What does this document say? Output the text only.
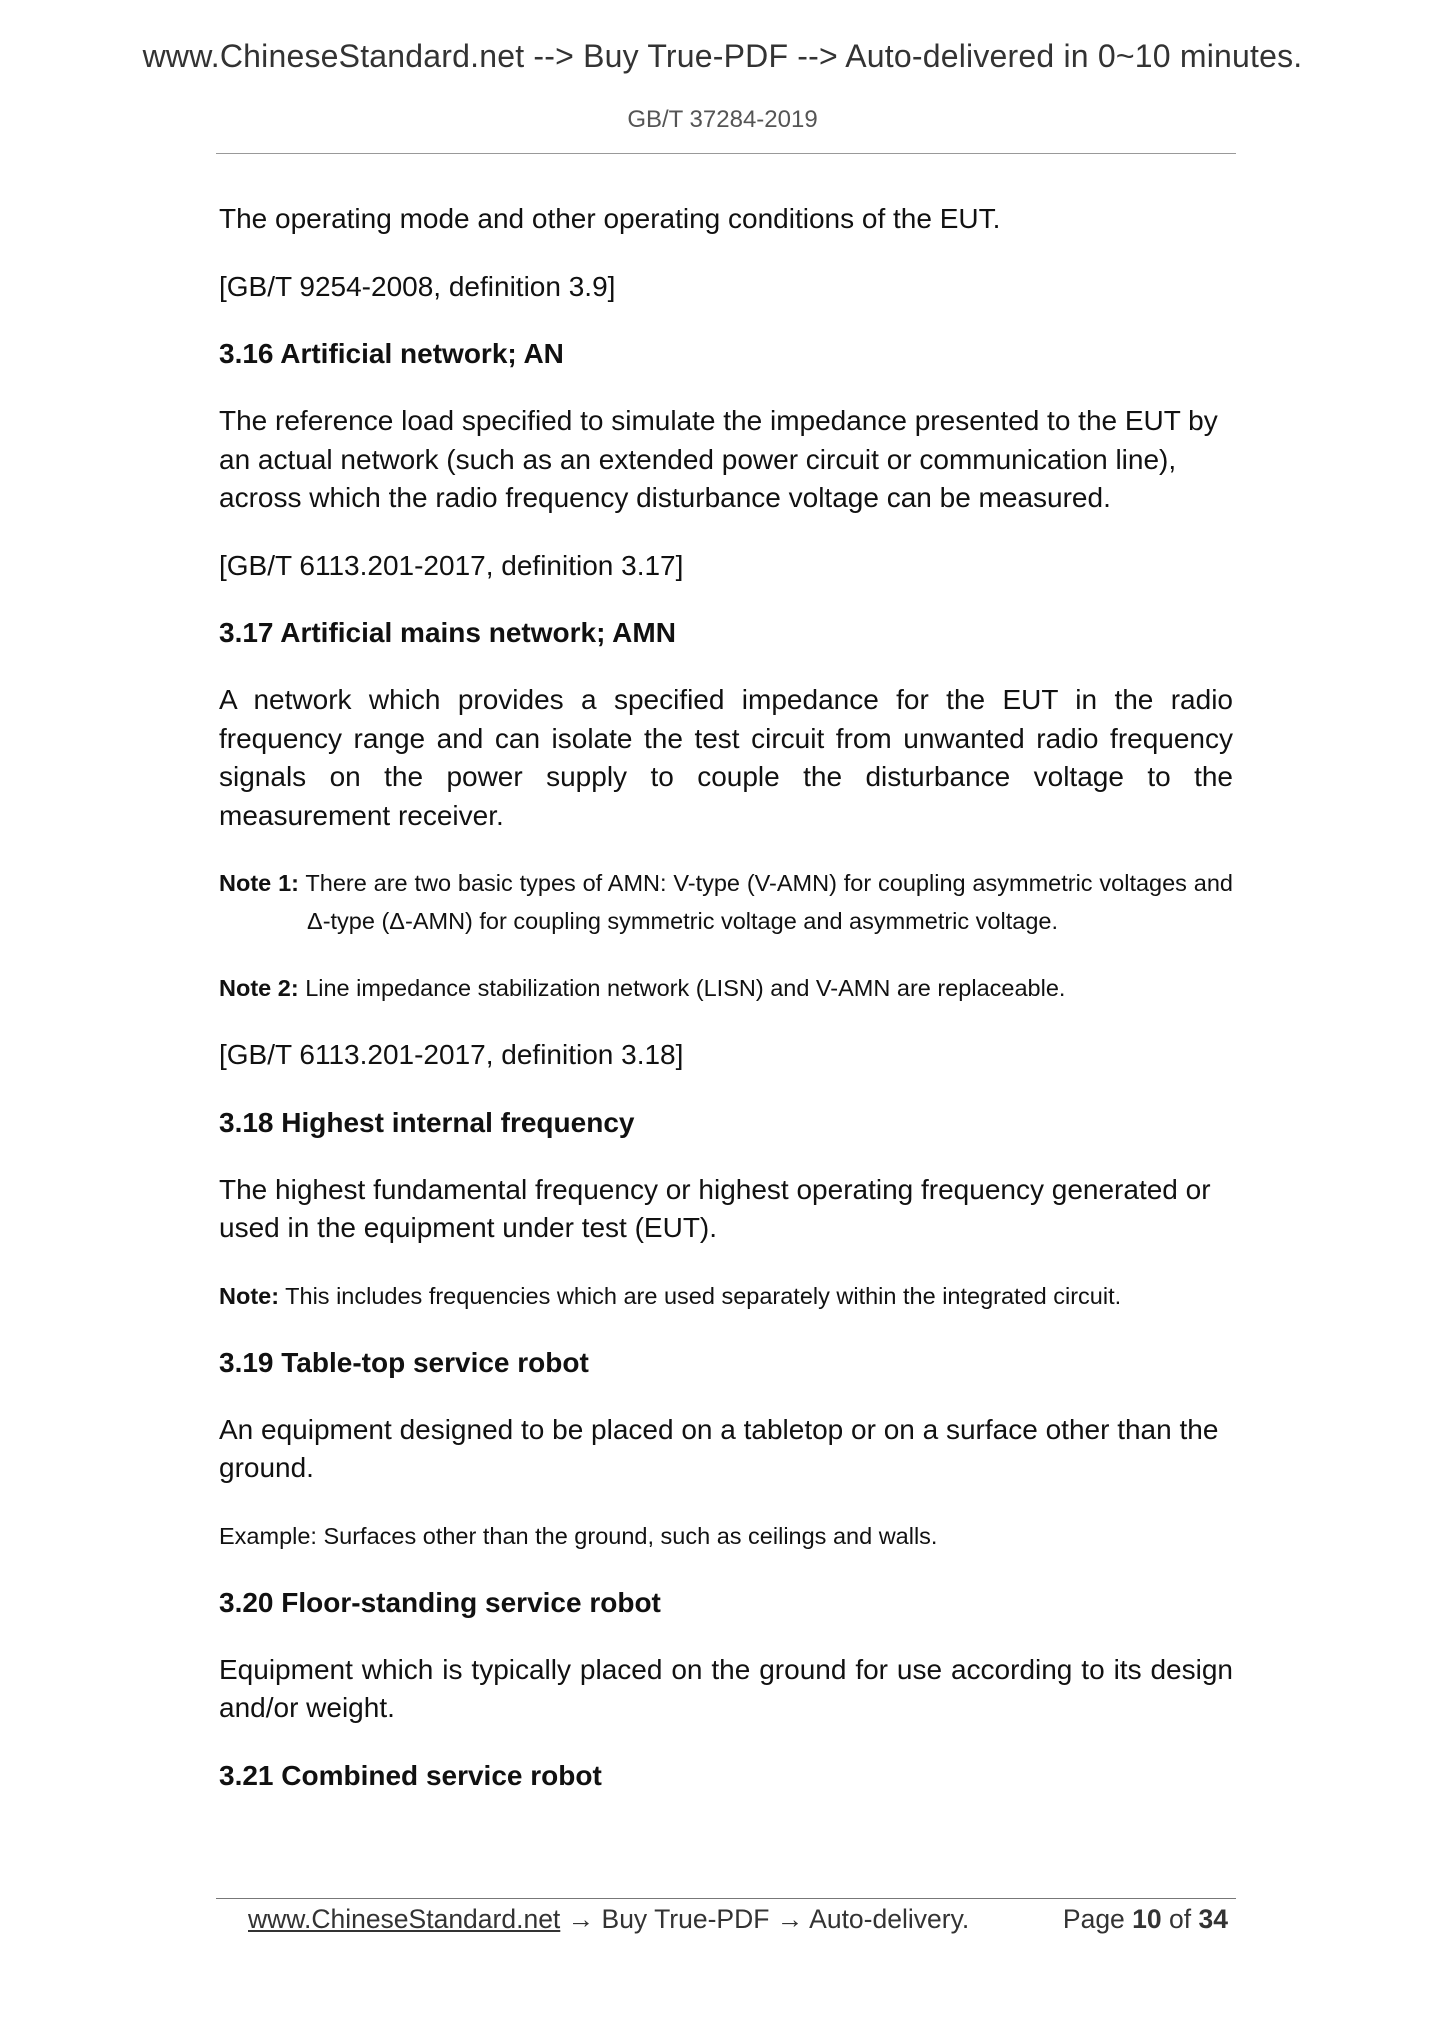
www.ChineseStandard.net --> Buy True-PDF --> Auto-delivered in 0~10 minutes.
GB/T 37284-2019

The operating mode and other operating conditions of the EUT.

[GB/T 9254-2008, definition 3.9]

3.16 Artificial network; AN

The reference load specified to simulate the impedance presented to the EUT by an actual network (such as an extended power circuit or communication line), across which the radio frequency disturbance voltage can be measured.

[GB/T 6113.201-2017, definition 3.17]

3.17 Artificial mains network; AMN

A network which provides a specified impedance for the EUT in the radio frequency range and can isolate the test circuit from unwanted radio frequency signals on the power supply to couple the disturbance voltage to the measurement receiver.

Note 1: There are two basic types of AMN: V-type (V-AMN) for coupling asymmetric voltages and Δ-type (Δ-AMN) for coupling symmetric voltage and asymmetric voltage.
Note 2: Line impedance stabilization network (LISN) and V-AMN are replaceable.

[GB/T 6113.201-2017, definition 3.18]

3.18 Highest internal frequency

The highest fundamental frequency or highest operating frequency generated or used in the equipment under test (EUT).

Note: This includes frequencies which are used separately within the integrated circuit.

3.19 Table-top service robot

An equipment designed to be placed on a tabletop or on a surface other than the ground.

Example: Surfaces other than the ground, such as ceilings and walls.

3.20 Floor-standing service robot

Equipment which is typically placed on the ground for use according to its design and/or weight.

3.21 Combined service robot

www.ChineseStandard.net → Buy True-PDF → Auto-delivery.	Page 10 of 34
